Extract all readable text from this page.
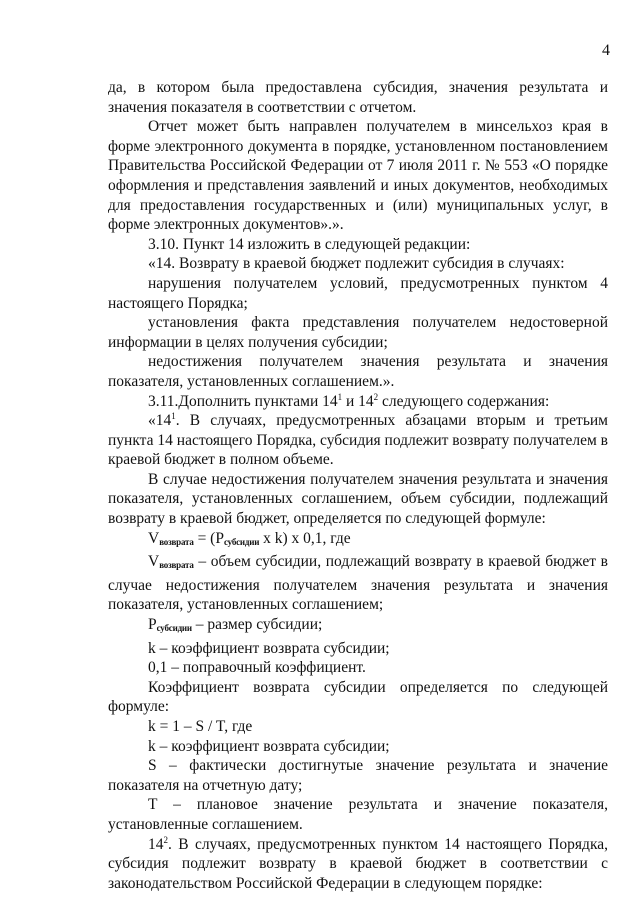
4

да, в котором была предоставлена субсидия, значения результата и значения показателя в соответствии с отчетом.

Отчет может быть направлен получателем в минсельхоз края в форме электронного документа в порядке, установленном постановлением Правительства Российской Федерации от 7 июля 2011 г. № 553 «О порядке оформления и представления заявлений и иных документов, необходимых для предоставления государственных и (или) муниципальных услуг, в форме электронных документов».».

3.10. Пункт 14 изложить в следующей редакции:

«14. Возврату в краевой бюджет подлежит субсидия в случаях:

нарушения получателем условий, предусмотренных пунктом 4 настоящего Порядка;

установления факта представления получателем недостоверной информации в целях получения субсидии;

недостижения получателем значения результата и значения показателя, установленных соглашением.».

3.11.Дополнить пунктами $14^1$ и $14^2$ следующего содержания:

«$14^1$. В случаях, предусмотренных абзацами вторым и третьим пункта 14 настоящего Порядка, субсидия подлежит возврату получателем в краевой бюджет в полном объеме.

В случае недостижения получателем значения результата и значения показателя, установленных соглашением, объем субсидии, подлежащий возврату в краевой бюджет, определяется по следующей формуле:

$V_{возврата} = (P_{субсидии}$ x k) x 0,1, где

$V_{возврата}$ – объем субсидии, подлежащий возврату в краевой бюджет в случае недостижения получателем значения результата и значения показателя, установленных соглашением;

$P_{субсидии}$ – размер субсидии;

k – коэффициент возврата субсидии;

0,1 – поправочный коэффициент.

Коэффициент возврата субсидии определяется по следующей формуле:

k = 1 – S / T, где

k – коэффициент возврата субсидии;

S – фактически достигнутые значение результата и значение показателя на отчетную дату;

T – плановое значение результата и значение показателя, установленные соглашением.

$14^2$. В случаях, предусмотренных пунктом 14 настоящего Порядка, субсидия подлежит возврату в краевой бюджет в соответствии с законодательством Российской Федерации в следующем порядке:
